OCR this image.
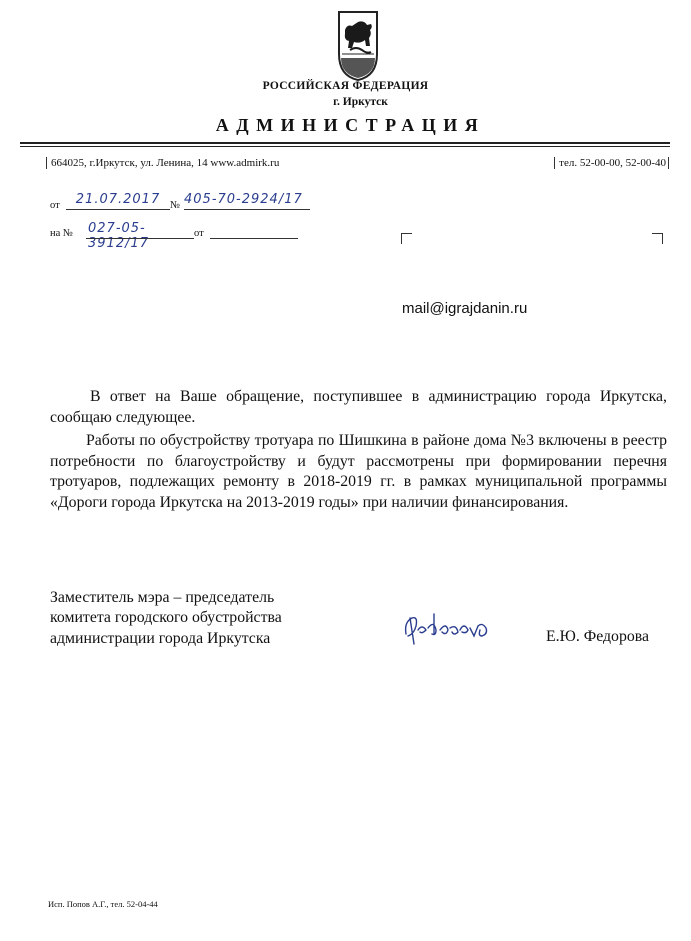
РОССИЙСКАЯ ФЕДЕРАЦИЯ
г. Иркутск
АДМИНИСТРАЦИЯ
664025, г.Иркутск, ул. Ленина, 14 www.admirk.ru	тел. 52-00-00, 52-00-40
от	21.07.2017 № 405-70-2924/17
на № 027-05-3912/17
от
mail@igrajdanin.ru

В ответ на Ваше обращение, поступившее в администрацию города Иркутска, сообщаю следующее.

Работы по обустройству тротуара по Шишкина в районе дома №3 включены в реестр потребности по благоустройству и будут рассмотрены при формировании перечня тротуаров, подлежащих ремонту в 2018-2019 гг. в рамках муниципальной программы «Дороги города Иркутска на 2013-2019 годы» при наличии финансирования.

Заместитель мэра – председатель
комитета городского обустройства
администрации города Иркутска	Е.Ю. Федорова
Исп. Попов А.Г., тел. 52-04-44
